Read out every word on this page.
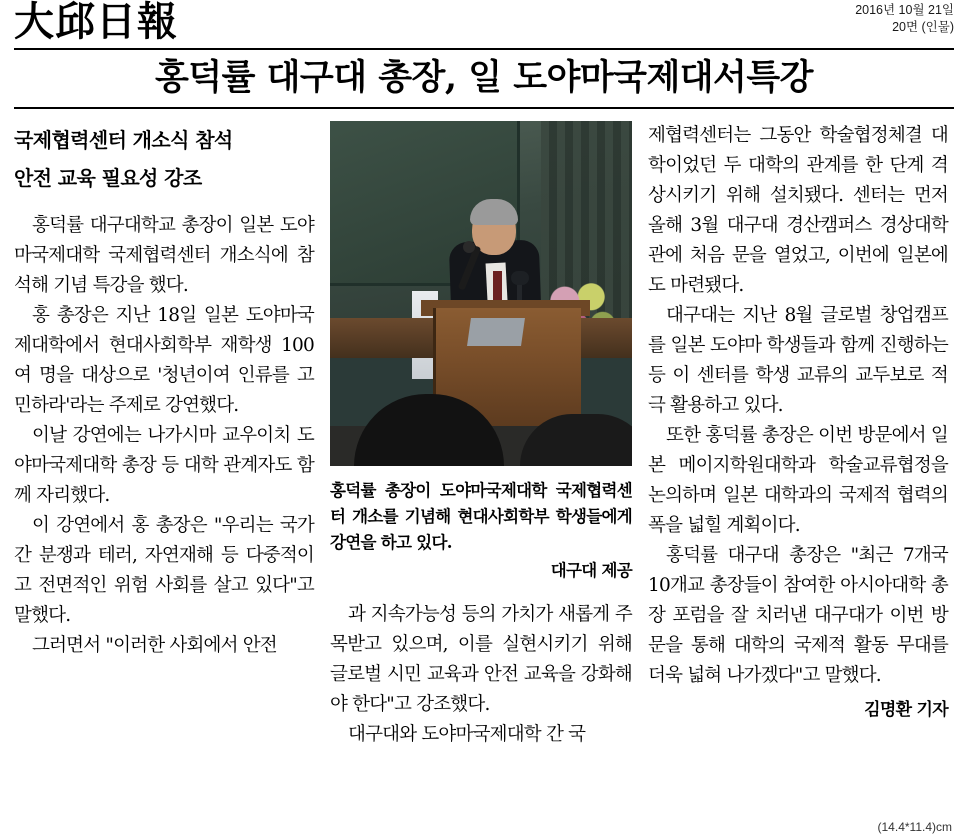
大邱日報	2016년 10월 21일
20면 (인물)
홍덕률 대구대 총장, 일 도야마국제대서특강
국제협력센터 개소식 참석
안전 교육 필요성 강조

홍덕률 대구대학교 총장이 일본 도야마국제대학 국제협력센터 개소식에 참석해 기념 특강을 했다.

홍 총장은 지난 18일 일본 도야마국제대학에서 현대사회학부 재학생 100여 명을 대상으로 '청년이여 인류를 고민하라'라는 주제로 강연했다.

이날 강연에는 나가시마 교우이치 도야마국제대학 총장 등 대학 관계자도 함께 자리했다.

이 강연에서 홍 총장은 "우리는 국가 간 분쟁과 테러, 자연재해 등 다중적이고 전면적인 위험 사회를 살고 있다"고 말했다.

그러면서 "이러한 사회에서 안전

홍덕률 총장이 도야마국제대학 국제협력센터 개소를 기념해 현대사회학부 학생들에게 강연을 하고 있다.
대구대 제공

과 지속가능성 등의 가치가 새롭게 주목받고 있으며, 이를 실현시키기 위해 글로벌 시민 교육과 안전 교육을 강화해야 한다"고 강조했다.

대구대와 도야마국제대학 간 국

제협력센터는 그동안 학술협정체결 대학이었던 두 대학의 관계를 한 단계 격상시키기 위해 설치됐다. 센터는 먼저 올해 3월 대구대 경산캠퍼스 경상대학관에 처음 문을 열었고, 이번에 일본에도 마련됐다.

대구대는 지난 8월 글로벌 창업캠프를 일본 도야마 학생들과 함께 진행하는 등 이 센터를 학생 교류의 교두보로 적극 활용하고 있다.

또한 홍덕률 총장은 이번 방문에서 일본 메이지학원대학과 학술교류협정을 논의하며 일본 대학과의 국제적 협력의 폭을 넓힐 계획이다.

홍덕률 대구대 총장은 "최근 7개국 10개교 총장들이 참여한 아시아대학 총장 포럼을 잘 치러낸 대구대가 이번 방문을 통해 대학의 국제적 활동 무대를 더욱 넓혀 나가겠다"고 말했다.

김명환 기자
(14.4*11.4)cm
